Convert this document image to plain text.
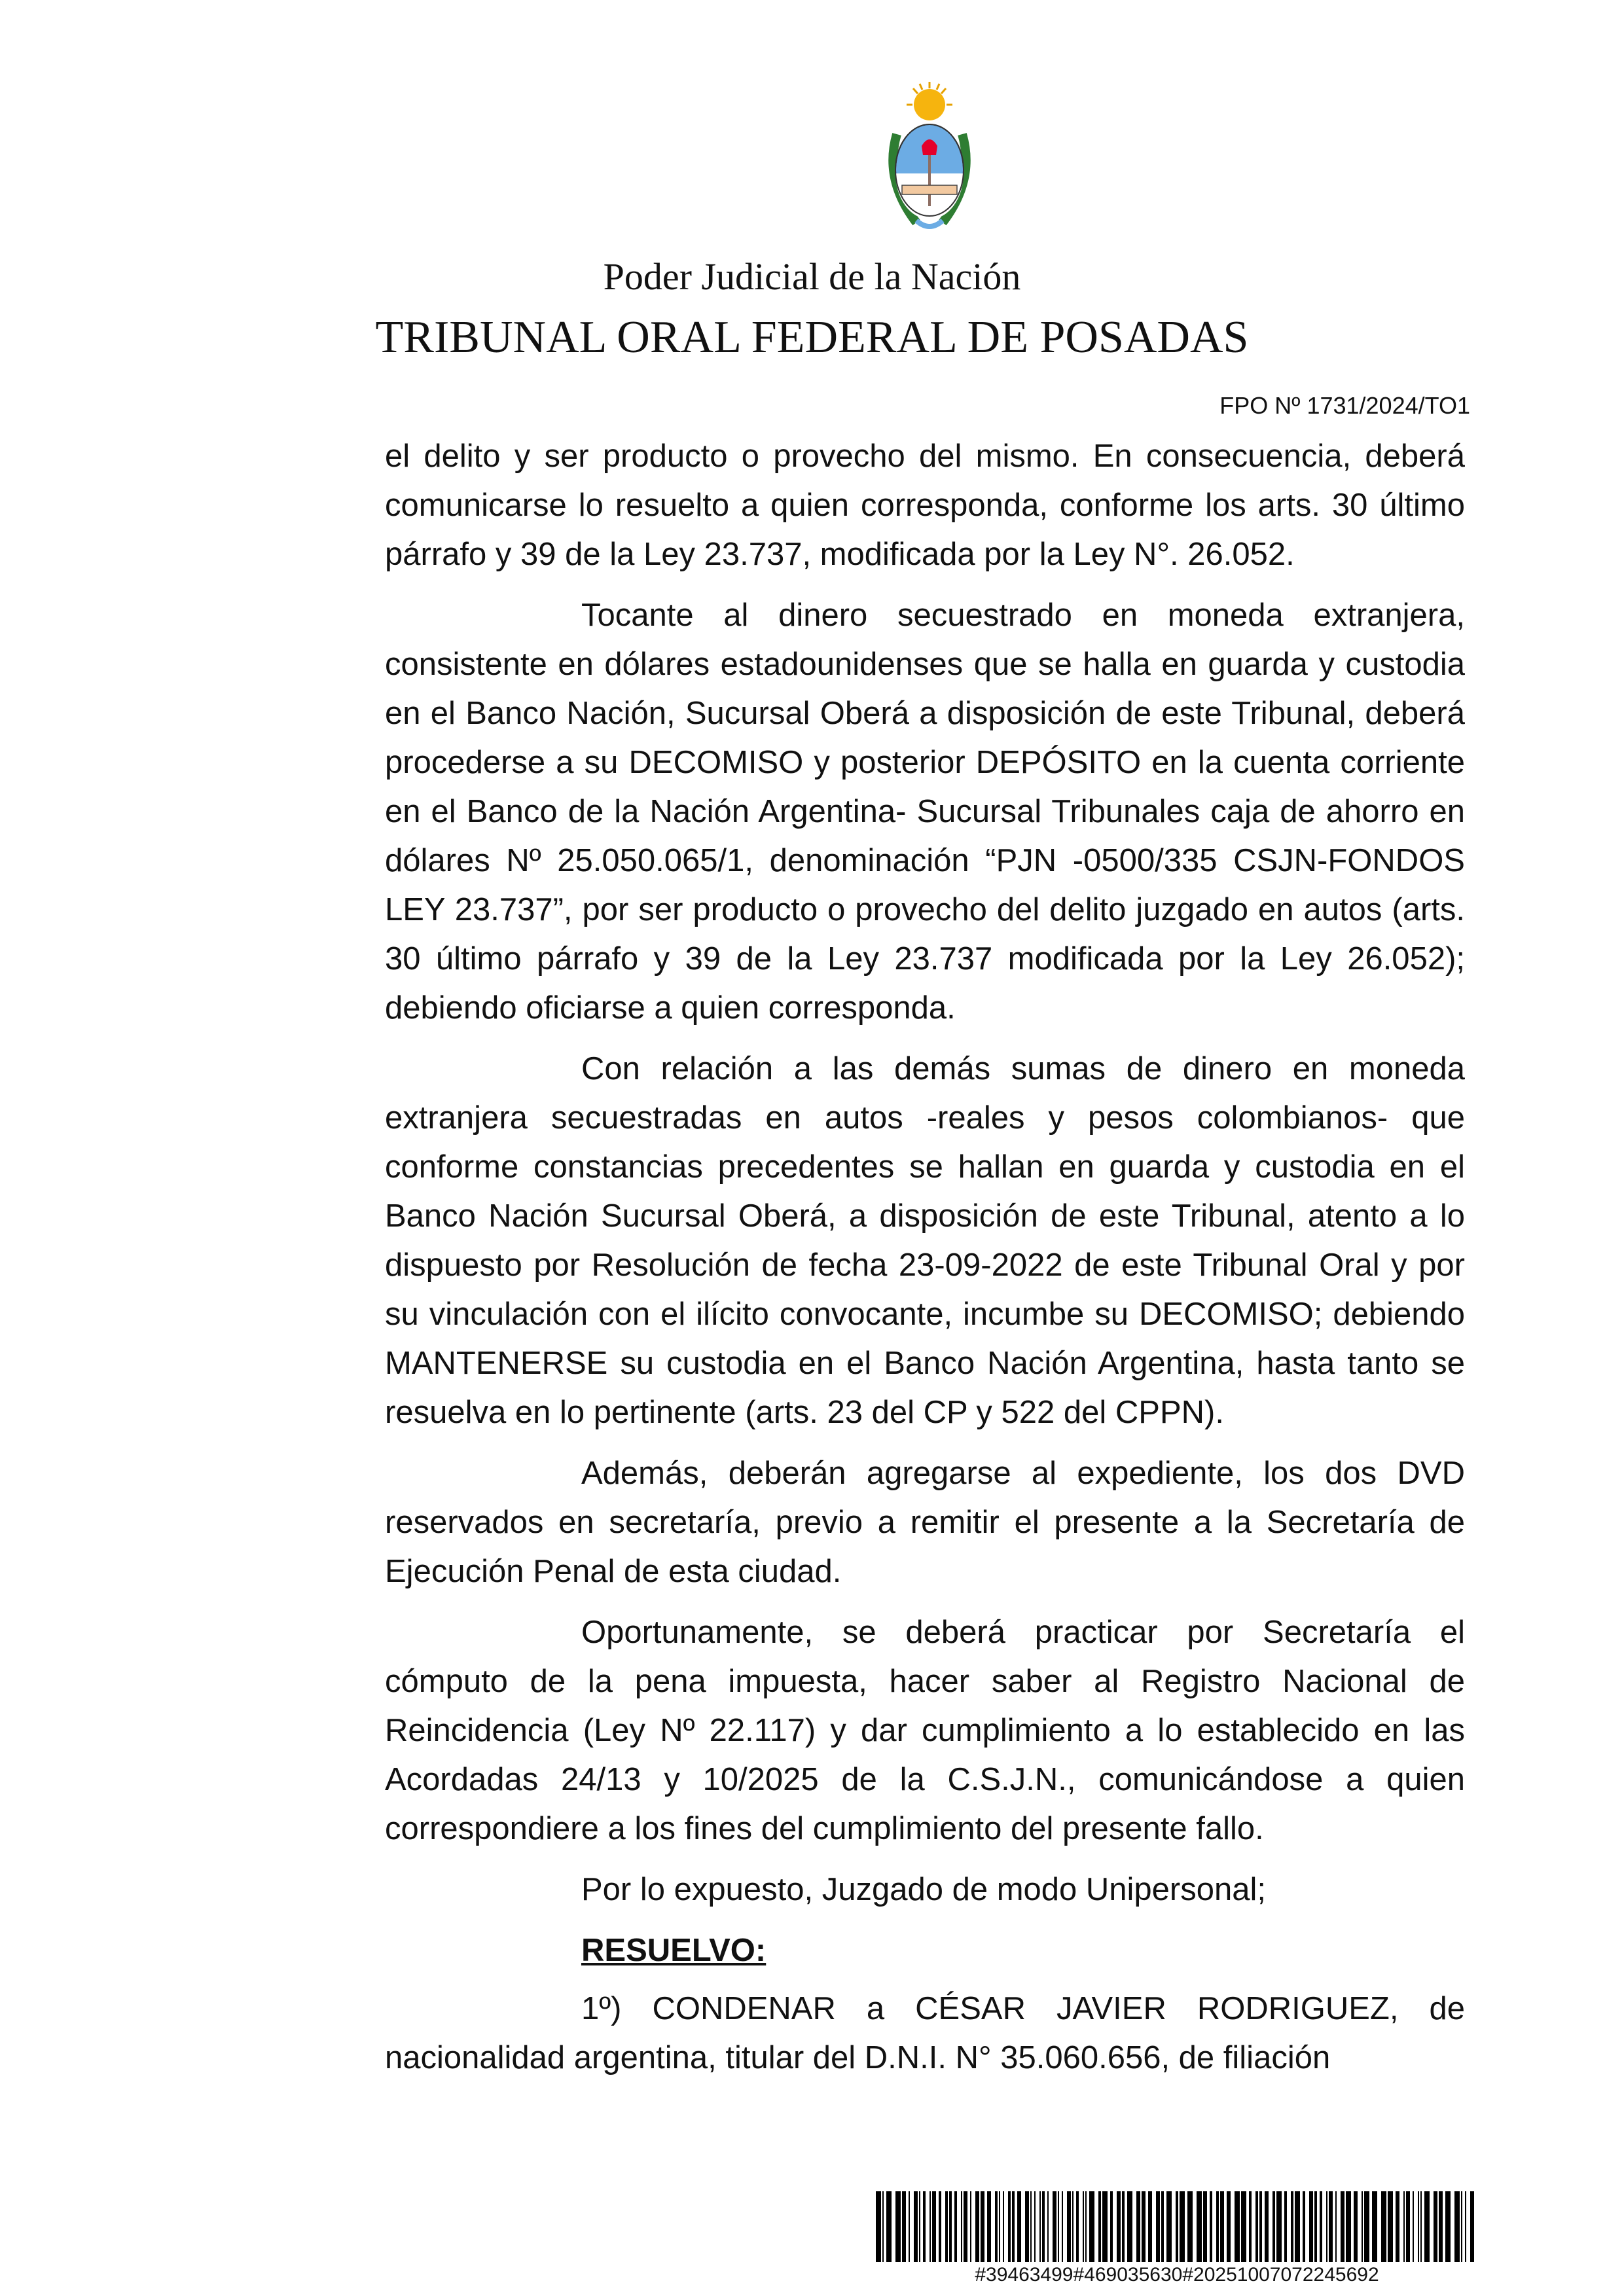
Poder Judicial de la Nación
TRIBUNAL ORAL FEDERAL DE POSADAS
FPO Nº 1731/2024/TO1

el delito y ser producto o provecho del mismo. En consecuencia, deberá comunicarse lo resuelto a quien corresponda, conforme los arts. 30 último párrafo y 39 de la Ley 23.737, modificada por la Ley N°. 26.052.

Tocante al dinero secuestrado en moneda extranjera, consistente en dólares estadounidenses que se halla en guarda y custodia en el Banco Nación, Sucursal Oberá a disposición de este Tribunal, deberá procederse a su DECOMISO y posterior DEPÓSITO en la cuenta corriente en el Banco de la Nación Argentina- Sucursal Tribunales caja de ahorro en dólares Nº 25.050.065/1, denominación “PJN -0500/335 CSJN-FONDOS LEY 23.737”, por ser producto o provecho del delito juzgado en autos (arts. 30 último párrafo y 39 de la Ley 23.737 modificada por la Ley 26.052); debiendo oficiarse a quien corresponda.

Con relación a las demás sumas de dinero en moneda extranjera secuestradas en autos -reales y pesos colombianos- que conforme constancias precedentes se hallan en guarda y custodia en el Banco Nación Sucursal Oberá, a disposición de este Tribunal, atento a lo dispuesto por Resolución de fecha 23-09-2022 de este Tribunal Oral y por su vinculación con el ilícito convocante, incumbe su DECOMISO; debiendo MANTENERSE su custodia en el Banco Nación Argentina, hasta tanto se resuelva en lo pertinente (arts. 23 del CP y 522 del CPPN).

Además, deberán agregarse al expediente, los dos DVD reservados en secretaría, previo a remitir el presente a la Secretaría de Ejecución Penal de esta ciudad.

Oportunamente, se deberá practicar por Secretaría el cómputo de la pena impuesta, hacer saber al Registro Nacional de Reincidencia (Ley Nº 22.117) y dar cumplimiento a lo establecido en las Acordadas 24/13 y 10/2025 de la C.S.J.N., comunicándose a quien correspondiere a los fines del cumplimiento del presente fallo.

Por lo expuesto, Juzgado de modo Unipersonal;

RESUELVO:

1º) CONDENAR a CÉSAR JAVIER RODRIGUEZ, de nacionalidad argentina, titular del D.N.I. N° 35.060.656, de filiación

#39463499#469035630#20251007072245692
